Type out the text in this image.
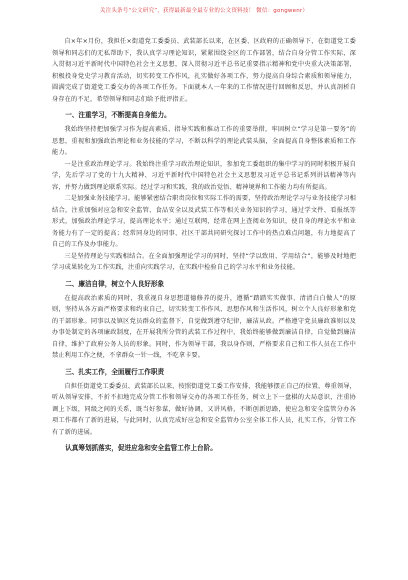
关注头条号“公文研究”，获得最新最全最专业的公文资料技！ 微信：gongwenr）

自×年×月份，我担任×街道党工委委员、武装部长以来，在区委、区政府的正确领导下，在街道党工委领导和同志们的无私帮助下，我认真学习理论知识，紧紧围绕全区的工作部署，结合自身分管工作实际，深入贯彻习近平新时代中国特色社会主义思想，深入贯彻习近平总书记重要指示精神和党中央重大决策部署，积极投身党史学习教育活动，切实转变工作作风，扎实做好各项工作，努力提高自身综合素质和领导能力，圆满完成了街道党工委交办的各项工作任务。下面就本人一年来的工作情况进行回顾和反思，并认真剖析自身存在的不足，希望领导和同志们给予批评指正。

一、注重学习，不断提高自身能力。

我始终坚持把加强学习作为提高素质、指导实践和推动工作的重要举措，牢固树立“学习是第一要务”的思想，重视和加强政治理论和业务技能的学习，不断以科学的理论武装头脑，全面提高自身整体素质和工作能力。

一是注重政治理论学习。我始终注重学习政治理论知识，参加党工委组织的集中学习的同时积极开展自学，先后学习了党的十九大精神、习近平新时代中国特色社会主义思想及习近平总书记系列讲话精神等内容，并努力做到理论联系实际。经过学习和实践，我的政治觉悟、精神境界和工作能力均有所提高。

二是加强业务技能学习。能够紧密结合职责岗位和实际工作的需要，坚持政治理论学习与业务技能学习相结合，注重加强对应急和安全监管、食品安全以及武装工作等相关业务知识的学习，通过学文件、看报纸等形式，加强政治理论学习，提高理论水平；通过互联网，经常在网上查阅业务知识，使自身的理论水平和业务能力有了一定的提高；经常同身边的同事、社区干部共同研究探讨工作中的热点难点问题，有力地提高了自己的工作及办事能力。

三是坚持理论与实践相结合。在全面加强理论学习的同时，坚持“学以致用、学用结合”，能够及时地把学习成果转化为工作实践，注重向实践学习，在实践中检验自己的学习水平和业务技能。

二、廉洁自律，树立个人良好形象

在提高政治素质的同时，我重视自身思想道德修养的提升，遵循“踏踏实实做事、清清白白做人”的原则，坚持从各方面严格要求和约束自己，切实转变工作作风、思想作风和生活作风，树立个人良好形象和党的干部形象。同事以及镇区党员群众的监督下，自觉做到遵守纪律，廉洁从政。严格遵守党员廉政准则以及办事处制定的各项廉政制度，在开展我所分管的武装工作过程中，我始终能够做到廉洁自律，自觉做到廉洁自律，维护了政府公务人员的形象。同时，作为领导干部，我以身作则，严格要求自己和工作人员在工作中禁止利用工作之便，不拿群众一针一线，不吃拿卡要。

三、扎实工作，全面履行工作职责

自担任街道党工委委员、武装部长以来，按照街道党工委工作安排，我能够摆正自己的位置，尊重领导，听从领导安排，不折不扣地完成分管工作和领导交办的各项工作任务，树立上下一盘棋的大局意识，注重协调上下级，同级之间的关系，既当好参谋，做好协调，又讲风格，不断创新思路，使应急和安全监管分办各项工作都有了新的进展，与此同时，认真完成好应急和安全监管办公室全体工作人员，扎实工作，分管工作有了新的进展。

认真筹划抓落实，促进应急和安全监管工作上台阶。
